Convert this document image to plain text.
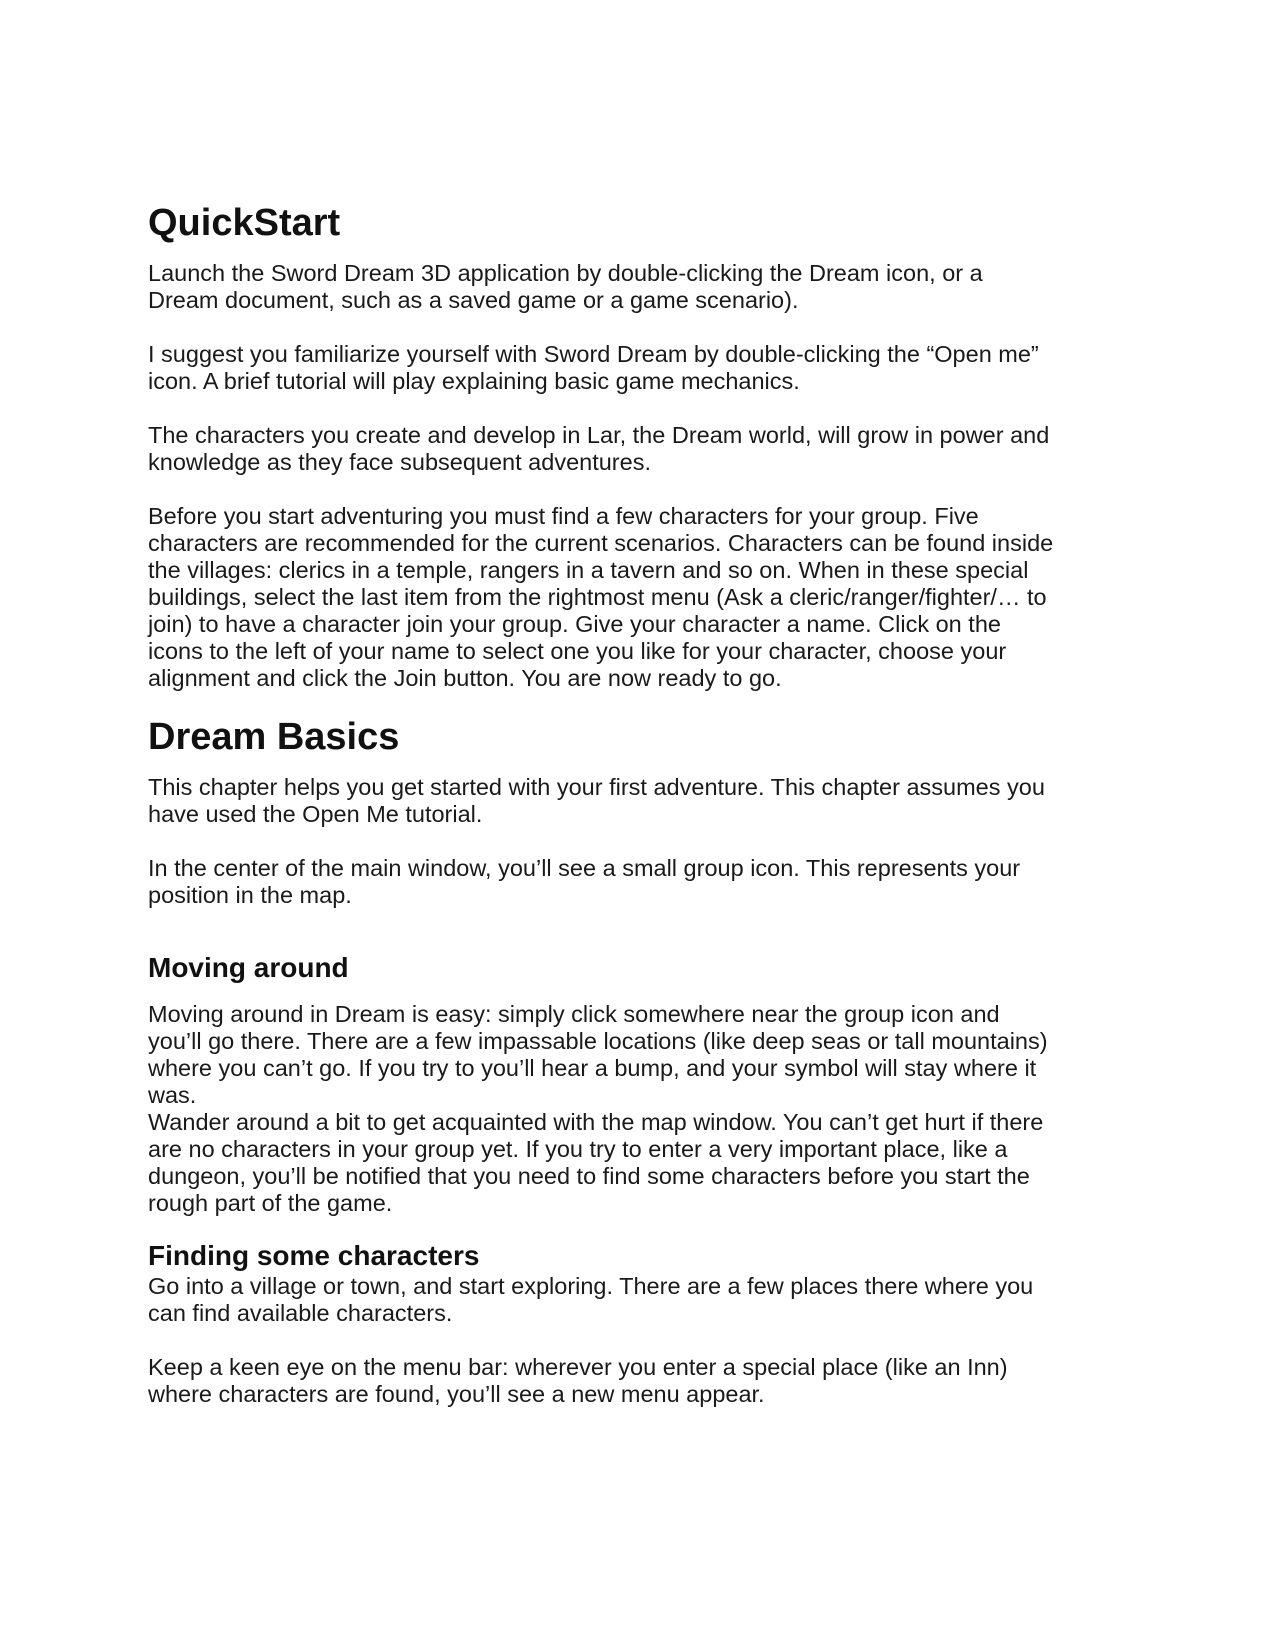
QuickStart

Launch the Sword Dream 3D application by double-clicking the Dream icon, or a
Dream document, such as a saved game or a game scenario).

I suggest you familiarize yourself with Sword Dream by double-clicking the “Open me”
icon. A brief tutorial will play explaining basic game mechanics.

The characters you create and develop in Lar, the Dream world, will grow in power and
knowledge as they face subsequent adventures.

Before you start adventuring you must find a few characters for your group. Five
characters are recommended for the current scenarios. Characters can be found inside
the villages: clerics in a temple, rangers in a tavern and so on. When in these special
buildings, select the last item from the rightmost menu (Ask a cleric/ranger/fighter/… to
join) to have a character join your group. Give your character a name. Click on the
icons to the left of your name to select one you like for your character, choose your
alignment and click the Join button. You are now ready to go.

Dream Basics

This chapter helps you get started with your first adventure. This chapter assumes you
have used the Open Me tutorial.

In the center of the main window, you’ll see a small group icon. This represents your
position in the map.

Moving around

Moving around in Dream is easy: simply click somewhere near the group icon and
you’ll go there. There are a few impassable locations (like deep seas or tall mountains)
where you can’t go. If you try to you’ll hear a bump, and your symbol will stay where it
was.

Wander around a bit to get acquainted with the map window. You can’t get hurt if there
are no characters in your group yet. If you try to enter a very important place, like a
dungeon, you’ll be notified that you need to find some characters before you start the
rough part of the game.

Finding some characters

Go into a village or town, and start exploring. There are a few places there where you
can find available characters.

Keep a keen eye on the menu bar: wherever you enter a special place (like an Inn)
where characters are found, you’ll see a new menu appear.
